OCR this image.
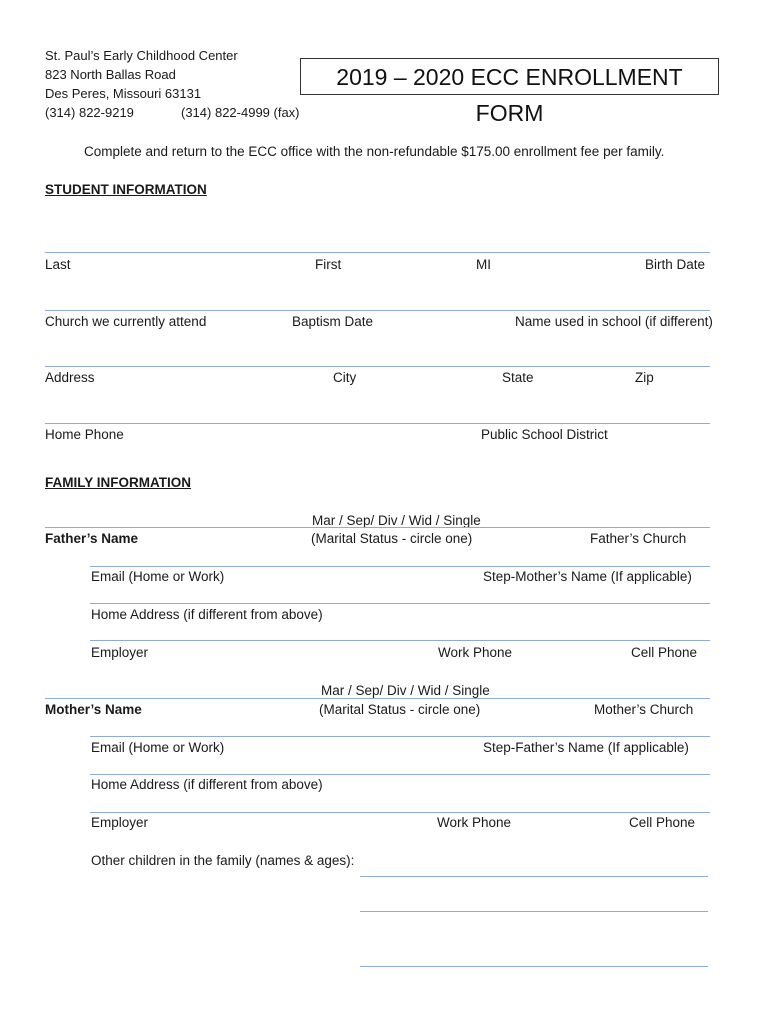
St. Paul’s Early Childhood Center
823 North Ballas Road
Des Peres, Missouri 63131
(314) 822-9219	(314) 822-4999 (fax)
2019 – 2020 ECC ENROLLMENT FORM
Complete and return to the ECC office with the non-refundable $175.00 enrollment fee per family.
STUDENT INFORMATION
Last	First	MI	Birth Date
Church we currently attend	Baptism Date	Name used in school (if different)
Address	City	State	Zip
Home Phone	Public School District
FAMILY INFORMATION
Mar / Sep/ Div / Wid / Single
Father’s Name	(Marital Status - circle one)	Father’s Church
Email (Home or Work)	Step-Mother’s Name (If applicable)
Home Address (if different from above)
Employer	Work Phone	Cell Phone
Mar / Sep/ Div / Wid / Single
Mother’s Name	(Marital Status - circle one)	Mother’s Church
Email (Home or Work)	Step-Father’s Name (If applicable)
Home Address (if different from above)
Employer	Work Phone	Cell Phone
Other children in the family (names & ages):
